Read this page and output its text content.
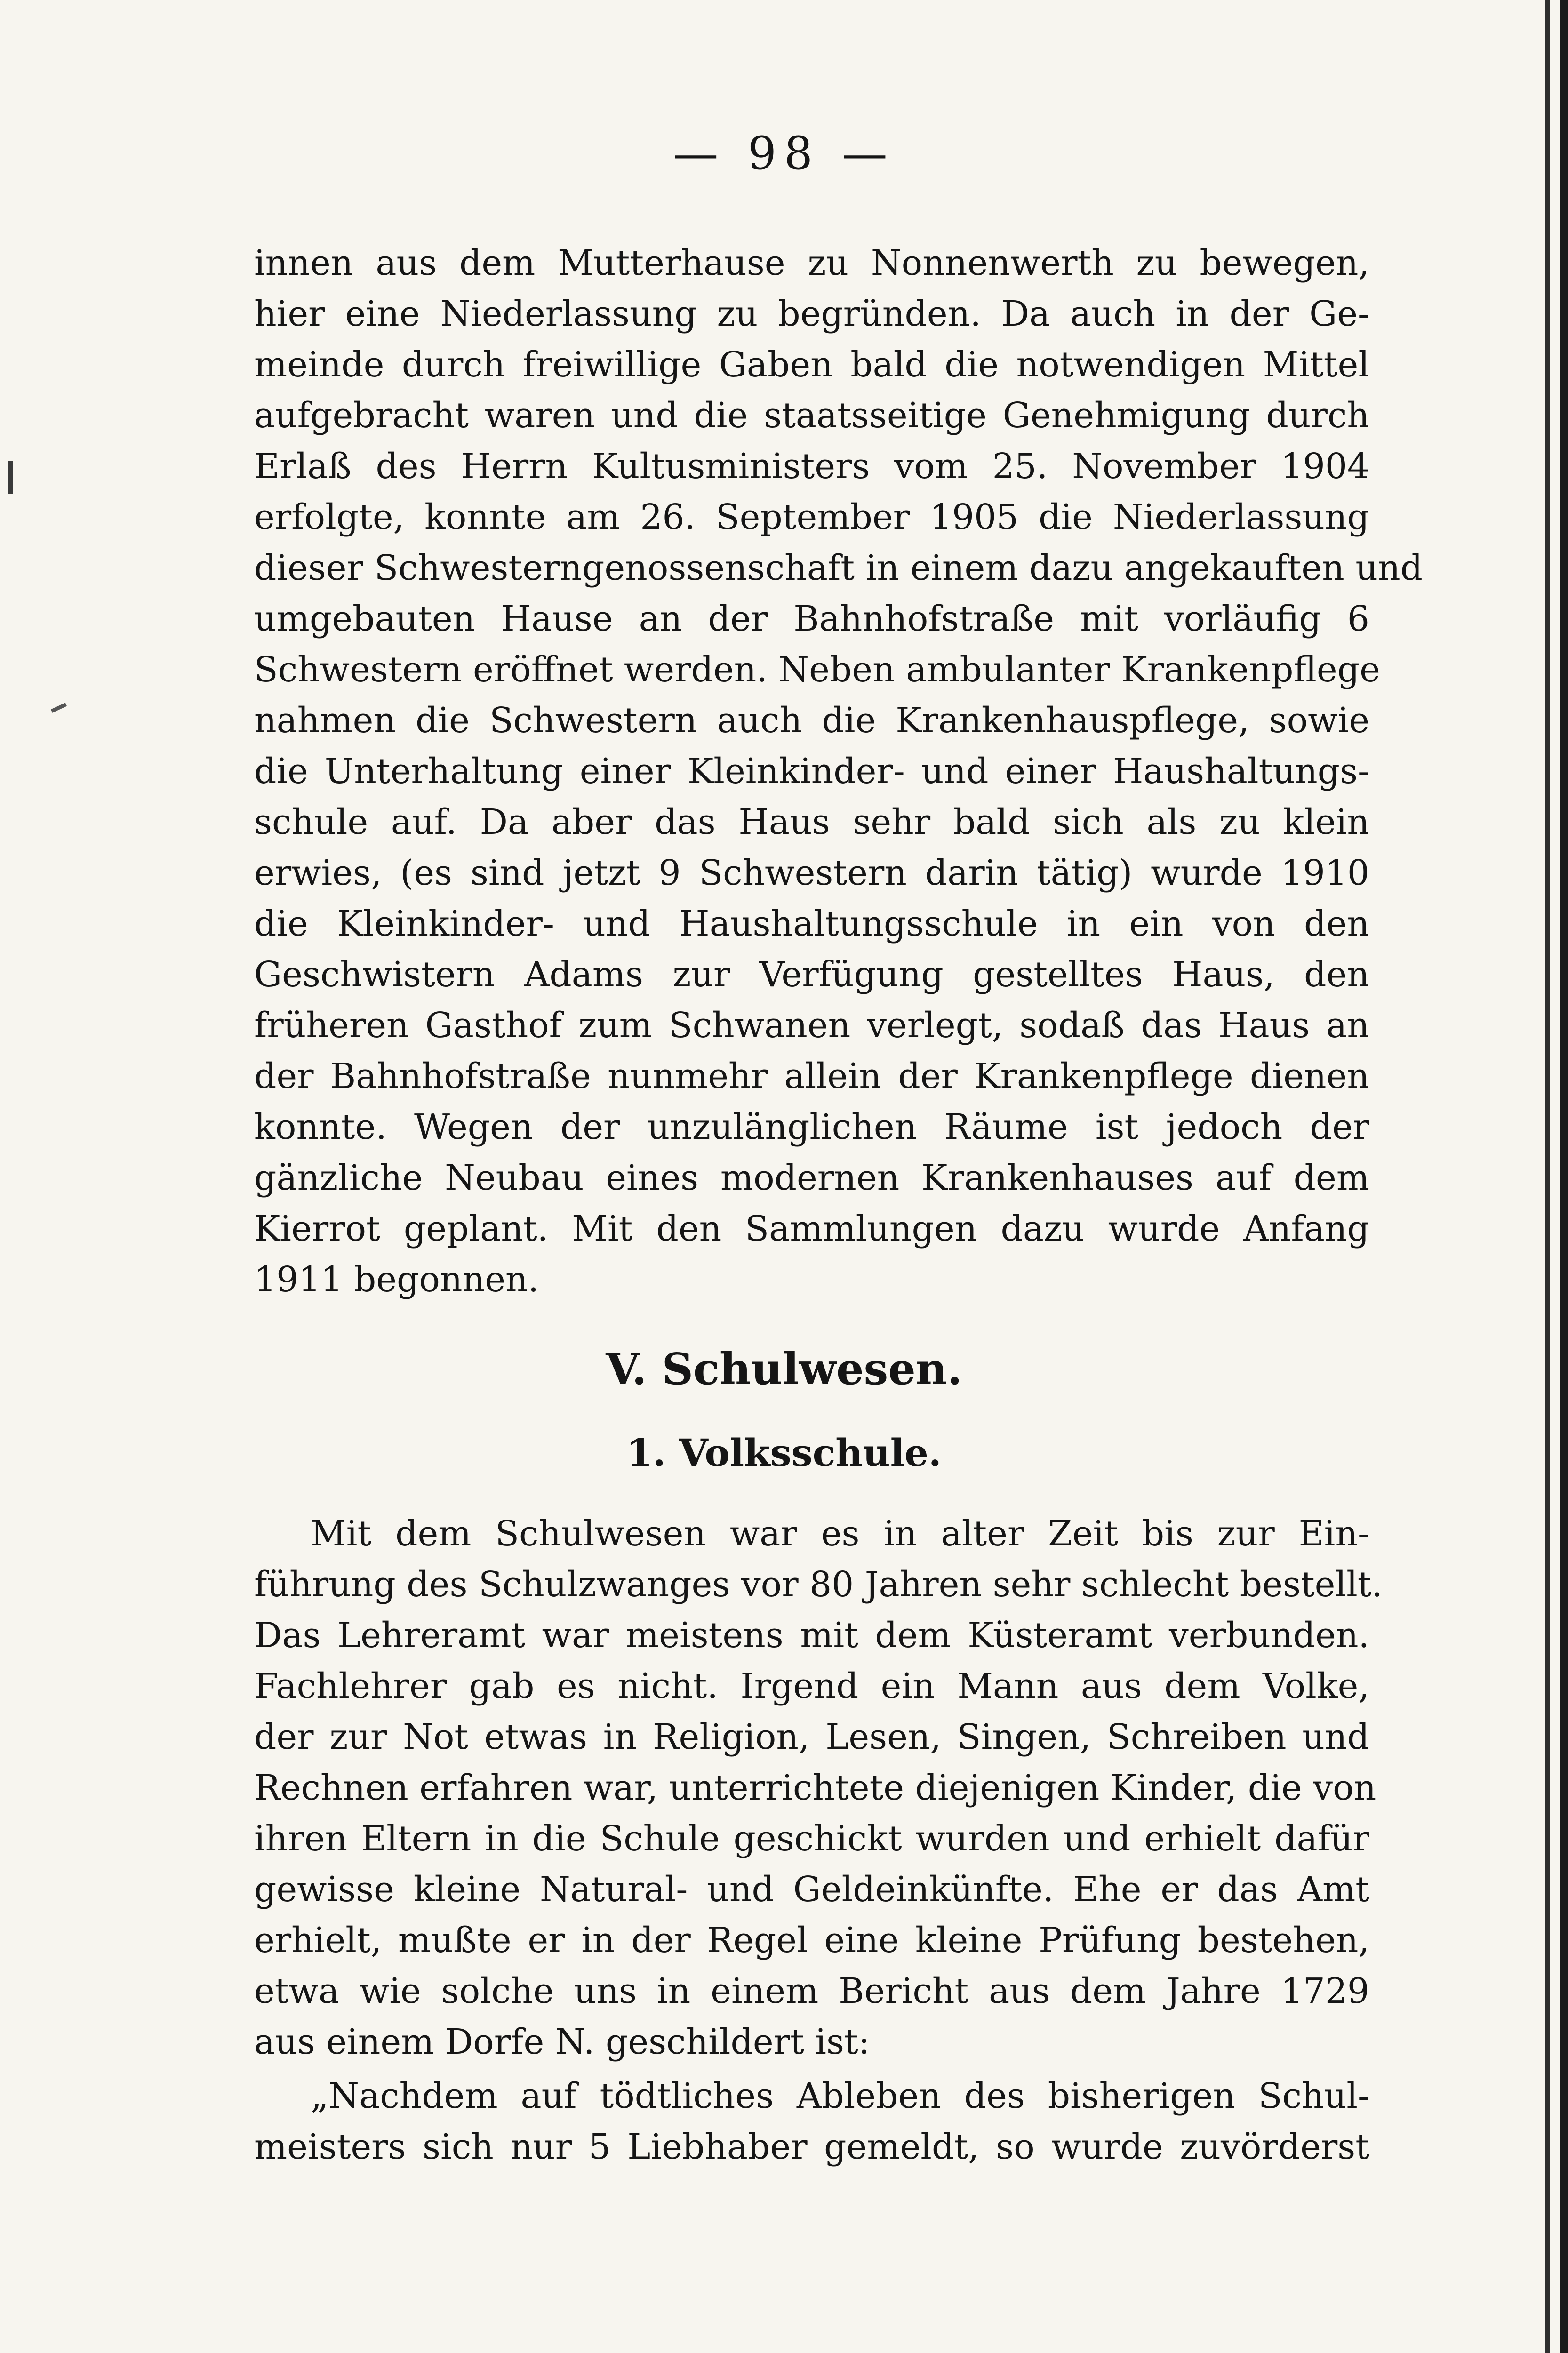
— 98 —
innen aus dem Mutterhause zu Nonnenwerth zu bewegen,
hier eine Niederlassung zu begründen. Da auch in der Ge-
meinde durch freiwillige Gaben bald die notwendigen Mittel
aufgebracht waren und die staatsseitige Genehmigung durch
Erlaß des Herrn Kultusministers vom 25. November 1904
erfolgte, konnte am 26. September 1905 die Niederlassung
dieser Schwesterngenossenschaft in einem dazu angekauften und
umgebauten Hause an der Bahnhofstraße mit vorläufig 6
Schwestern eröffnet werden. Neben ambulanter Krankenpflege
nahmen die Schwestern auch die Krankenhauspflege, sowie
die Unterhaltung einer Kleinkinder- und einer Haushaltungs-
schule auf. Da aber das Haus sehr bald sich als zu klein
erwies, (es sind jetzt 9 Schwestern darin tätig) wurde 1910
die Kleinkinder- und Haushaltungsschule in ein von den
Geschwistern Adams zur Verfügung gestelltes Haus, den
früheren Gasthof zum Schwanen verlegt, sodaß das Haus an
der Bahnhofstraße nunmehr allein der Krankenpflege dienen
konnte. Wegen der unzulänglichen Räume ist jedoch der
gänzliche Neubau eines modernen Krankenhauses auf dem
Kierrot geplant. Mit den Sammlungen dazu wurde Anfang
1911 begonnen.
V. Schulwesen.
1. Volksschule.
Mit dem Schulwesen war es in alter Zeit bis zur Ein-
führung des Schulzwanges vor 80 Jahren sehr schlecht bestellt.
Das Lehreramt war meistens mit dem Küsteramt verbunden.
Fachlehrer gab es nicht. Irgend ein Mann aus dem Volke,
der zur Not etwas in Religion, Lesen, Singen, Schreiben und
Rechnen erfahren war, unterrichtete diejenigen Kinder, die von
ihren Eltern in die Schule geschickt wurden und erhielt dafür
gewisse kleine Natural- und Geldeinkünfte. Ehe er das Amt
erhielt, mußte er in der Regel eine kleine Prüfung bestehen,
etwa wie solche uns in einem Bericht aus dem Jahre 1729
aus einem Dorfe N. geschildert ist:
„Nachdem auf tödtliches Ableben des bisherigen Schul-
meisters sich nur 5 Liebhaber gemeldt, so wurde zuvörderst
